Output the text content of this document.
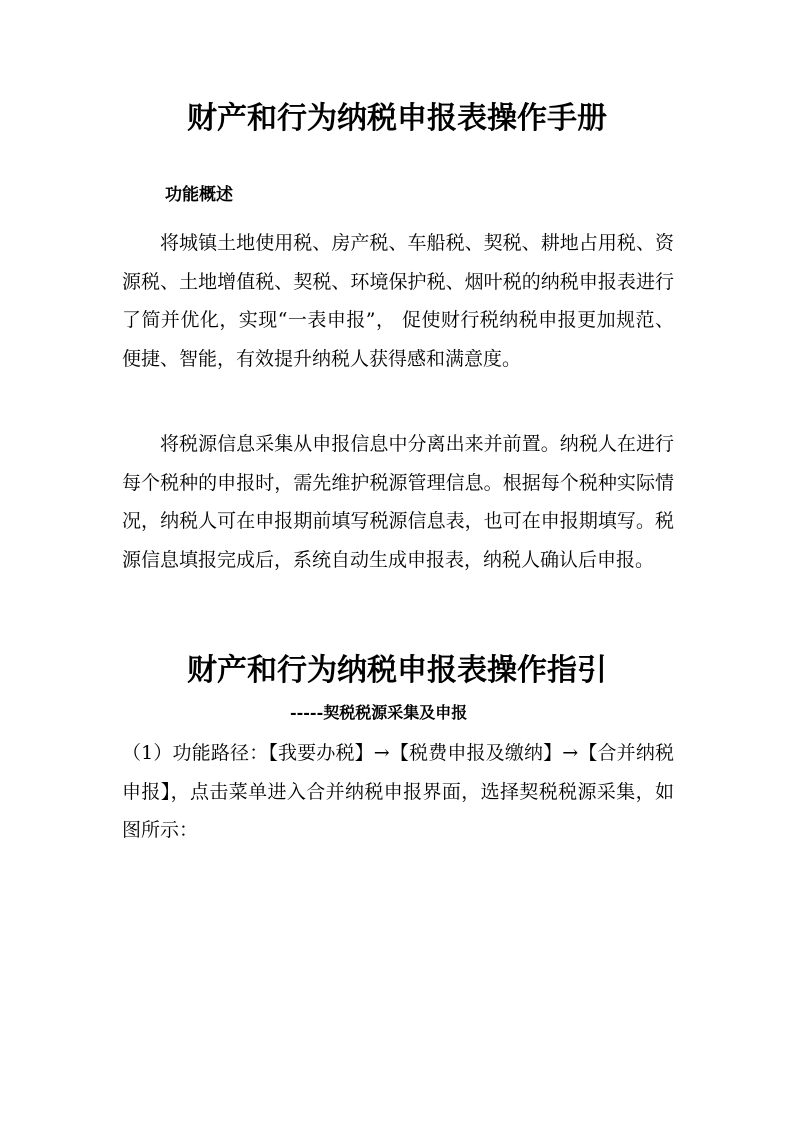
财产和行为纳税申报表操作手册

功能概述

将城镇土地使用税、房产税、车船税、契税、耕地占用税、资源税、土地增值税、契税、环境保护税、烟叶税的纳税申报表进行了简并优化，实现“一表申报”， 促使财行税纳税申报更加规范、便捷、智能，有效提升纳税人获得感和满意度。

将税源信息采集从申报信息中分离出来并前置。纳税人在进行每个税种的申报时，需先维护税源管理信息。根据每个税种实际情况，纳税人可在申报期前填写税源信息表，也可在申报期填写。税源信息填报完成后，系统自动生成申报表，纳税人确认后申报。

财产和行为纳税申报表操作指引

-----契税税源采集及申报

（1）功能路径：【我要办税】→【税费申报及缴纳】→【合并纳税申报】，点击菜单进入合并纳税申报界面，选择契税税源采集，如图所示：
